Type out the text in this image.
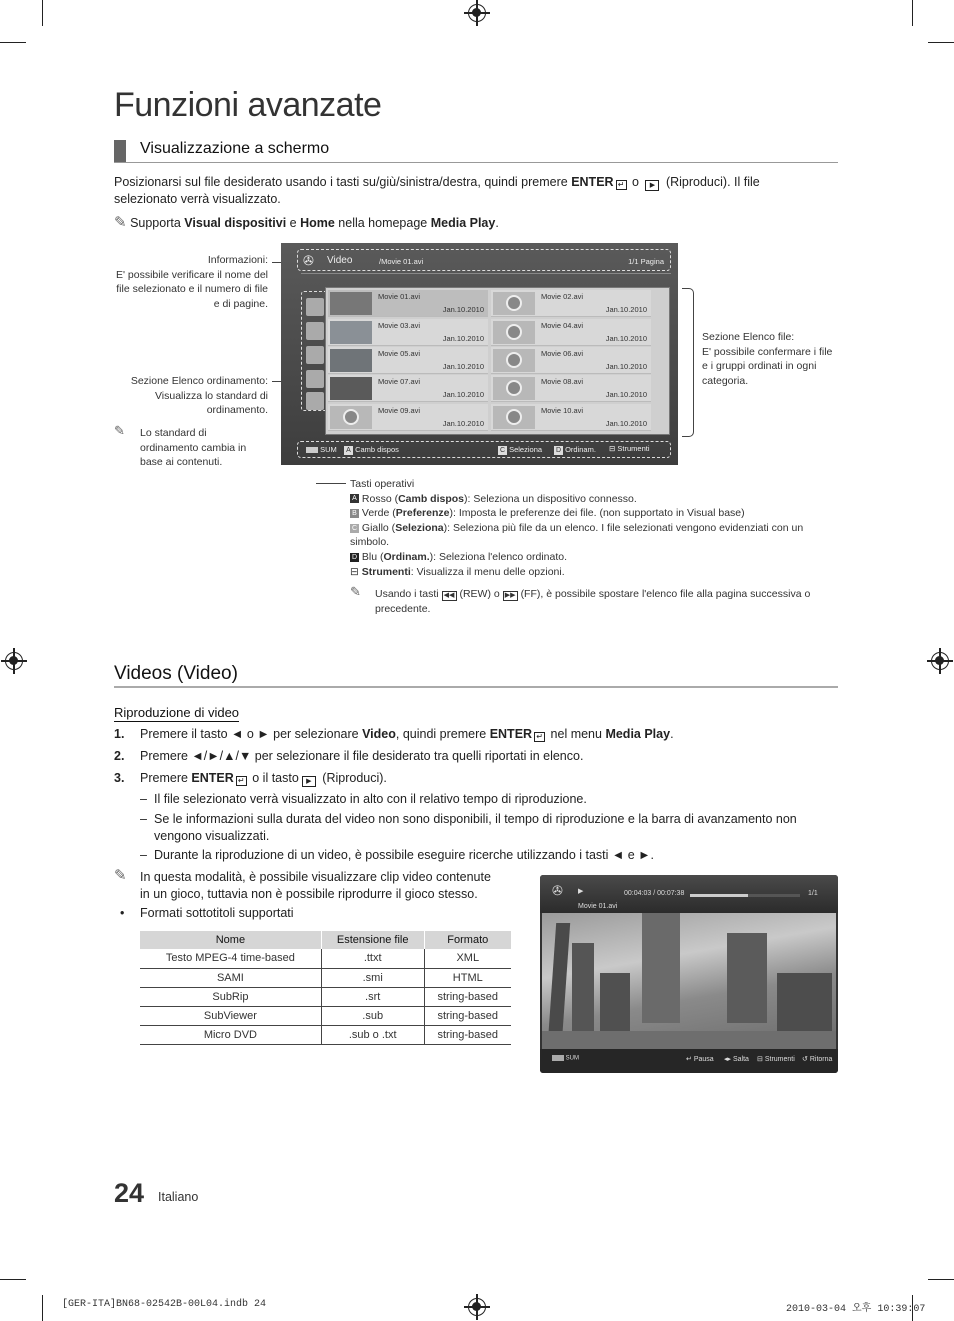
Funzioni avanzate
Visualizzazione a schermo
Posizionarsi sul file desiderato usando i tasti su/giù/sinistra/destra, quindi premere ENTER ↵ o ▶ (Riproduci). Il file
selezionato verrà visualizzato.
✎ Supporta Visual dispositivi e Home nella homepage Media Play.
Informazioni:
E' possibile verificare il nome del
file selezionato e il numero di file
e di pagine.
Sezione Elenco ordinamento:
Visualizza lo standard di
ordinamento.
✎ Lo standard di
ordinamento cambia in
base ai contenuti.
✇ Video	/Movie 01.avi	1/1 Pagina
Movie 01.avi
Jan.10.2010
Movie 02.avi
Jan.10.2010
Movie 03.avi
Jan.10.2010
Movie 04.avi
Jan.10.2010
Movie 05.avi
Jan.10.2010
Movie 06.avi
Jan.10.2010
Movie 07.avi
Jan.10.2010
Movie 08.avi
Jan.10.2010
Movie 09.avi
Jan.10.2010
Movie 10.avi
Jan.10.2010
SUM	A Camb dispos	C Seleziona D Ordinam. ⊟ Strumenti
Sezione Elenco file:
E' possibile confermare i file
e i gruppi ordinati in ogni
categoria.
Tasti operativi
A Rosso (Camb dispos): Seleziona un dispositivo connesso.
B Verde (Preferenze): Imposta le preferenze dei file. (non supportato in Visual base)
C Giallo (Seleziona): Seleziona più file da un elenco. I file selezionati vengono evidenziati con un
simbolo.
D Blu (Ordinam.): Seleziona l'elenco ordinato.
⊟ Strumenti: Visualizza il menu delle opzioni.
✎	Usando i tasti ◀◀ (REW) o ▶▶ (FF), è possibile spostare l'elenco file alla pagina successiva o
precedente.
Videos (Video)
Riproduzione di video
1.	Premere il tasto ◄ o ► per selezionare Video, quindi premere ENTER ↵ nel menu Media Play.
2.	Premere ◄/►/▲/▼ per selezionare il file desiderato tra quelli riportati in elenco.
3.	Premere ENTER ↵ o il tasto ▶ (Riproduci).
– Il file selezionato verrà visualizzato in alto con il relativo tempo di riproduzione.
– Se le informazioni sulla durata del video non sono disponibili, il tempo di riproduzione e la barra di avanzamento non
vengono visualizzati.
– Durante la riproduzione di un video, è possibile eseguire ricerche utilizzando i tasti ◄ e ►.
✎	In questa modalità, è possibile visualizzare clip video contenute
in un gioco, tuttavia non è possibile riprodurre il gioco stesso.
•	Formati sottotitoli supportati
Nome	Estensione file	Formato
Testo MPEG-4 time-based	.ttxt	XML
SAMI	.smi	HTML
SubRip	.srt	string-based
SubViewer	.sub	string-based
Micro DVD	.sub o .txt	string-based
✇ ▶	00:04:03 / 00:07:38	1/1
Movie 01.avi
SUM	↵ Pausa ◂▸ Salta ⊟ Strumenti ↺ Ritorna
24 Italiano
[GER-ITA]BN68-02542B-00L04.indb 24	2010-03-04 오후 10:39:07
